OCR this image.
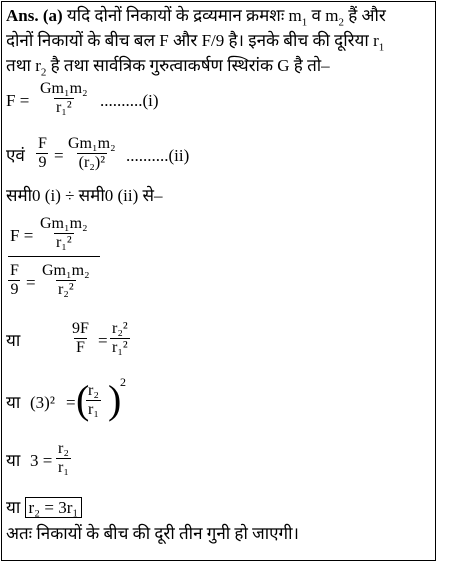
Ans. (a) यदि दोनों निकायों के द्रव्यमान क्रमशः $m_1$ व $m_2$ हैं और
दोनों निकायों के बीच बल F और F/9 है। इनके बीच की दूरिया $r_1$
तथा $r_2$ है तथा सार्वत्रिक गुरुत्वाकर्षण स्थिरांक G है तो–
$F = \frac{\text{Gm₁m₂}}{\text{r₁²}} ..........(i)$
एवं $\frac{F}{9} = \frac{\text{Gm₁m₂}}{\text{(r₂)²}} ..........(ii)$
समी0 (i) ÷ समी0 (ii) से–
$F = \frac{\text{Gm₁m₂}}{\text{r₁²}}$
$\frac{F}{9} = \frac{\text{Gm₁m₂}}{\text{r₂²}}$
या	$\frac{9F}{F} = \frac{\text{r₂²}}{\text{r₁²}}$
या (3)² = (
$\frac{\text{r₂}}{\text{r₁}}$ )
2
या $3 = \frac{\text{r₂}}{\text{r₁}}$
या r₂ = 3r₁
अतः निकायों के बीच की दूरी तीन गुनी हो जाएगी।
